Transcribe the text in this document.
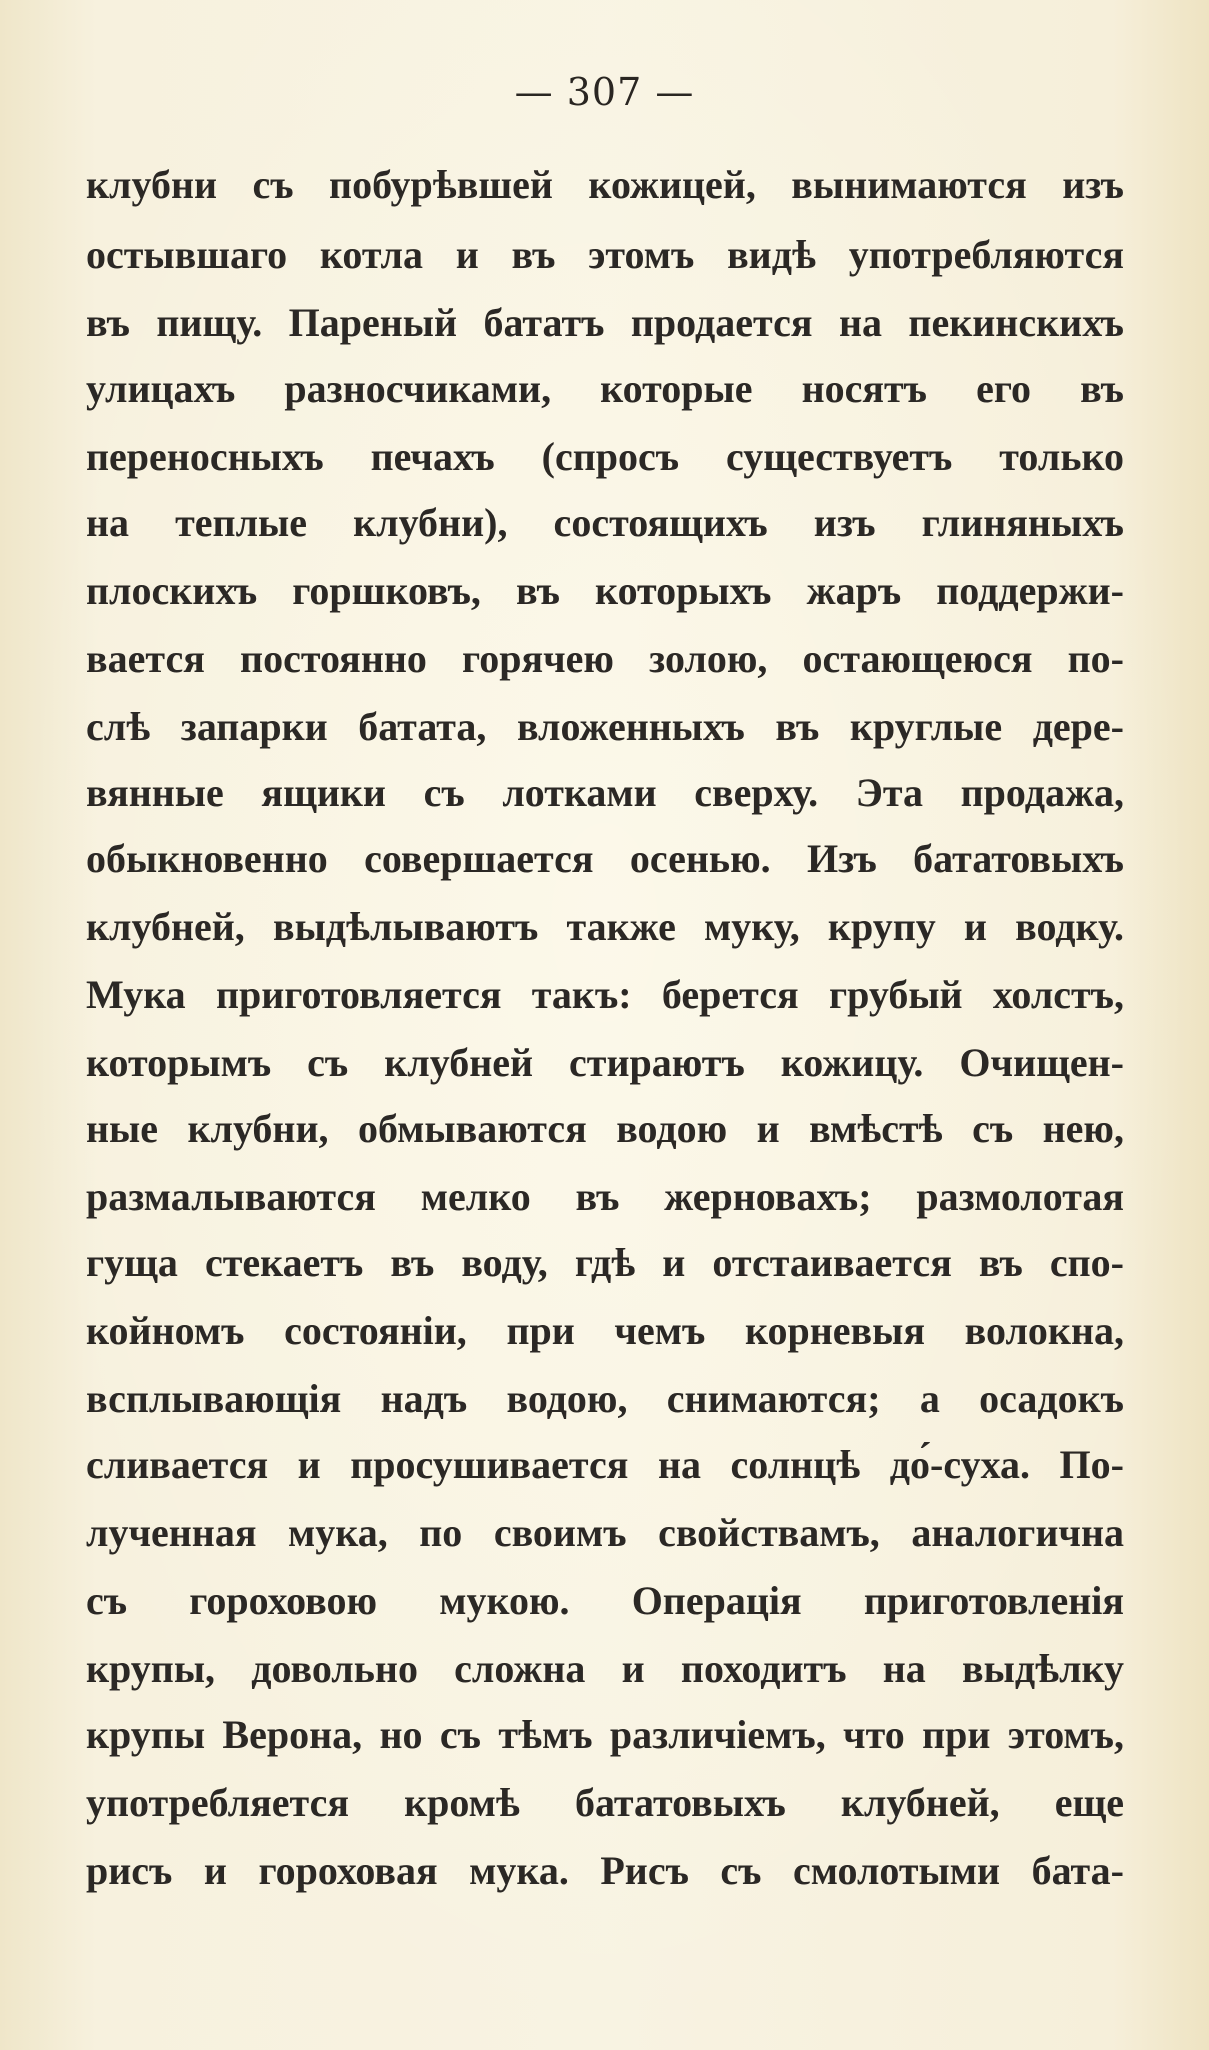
— 307 —
клубни съ побурѣвшей кожицей, вынимаются изъ
остывшаго котла и въ этомъ видѣ употребляются
въ пищу. Пареный бататъ продается на пекинскихъ
улицахъ разносчиками, которые носятъ его въ
переносныхъ печахъ (спросъ существуетъ только
на теплые клубни), состоящихъ изъ глиняныхъ
плоскихъ горшковъ, въ которыхъ жаръ поддержи-
вается постоянно горячею золою, остающеюся по-
слѣ запарки батата, вложенныхъ въ круглые дере-
вянные ящики съ лотками сверху. Эта продажа,
обыкновенно совершается осенью. Изъ бататовыхъ
клубней, выдѣлываютъ также муку, крупу и водку.
Мука приготовляется такъ: берется грубый холстъ,
которымъ съ клубней стираютъ кожицу. Очищен-
ные клубни, обмываются водою и вмѣстѣ съ нею,
размалываются мелко въ жерновахъ; размолотая
гуща стекаетъ въ воду, гдѣ и отстаивается въ спо-
койномъ состояніи, при чемъ корневыя волокна,
всплывающія надъ водою, снимаются; а осадокъ
сливается и просушивается на солнцѣ до́-суха. По-
лученная мука, по своимъ свойствамъ, аналогична
съ гороховою мукою. Операція приготовленія
крупы, довольно сложна и походитъ на выдѣлку
крупы Верона, но съ тѣмъ различіемъ, что при этомъ,
употребляется кромѣ бататовыхъ клубней, еще
рисъ и гороховая мука. Рисъ съ смолотыми бата-
